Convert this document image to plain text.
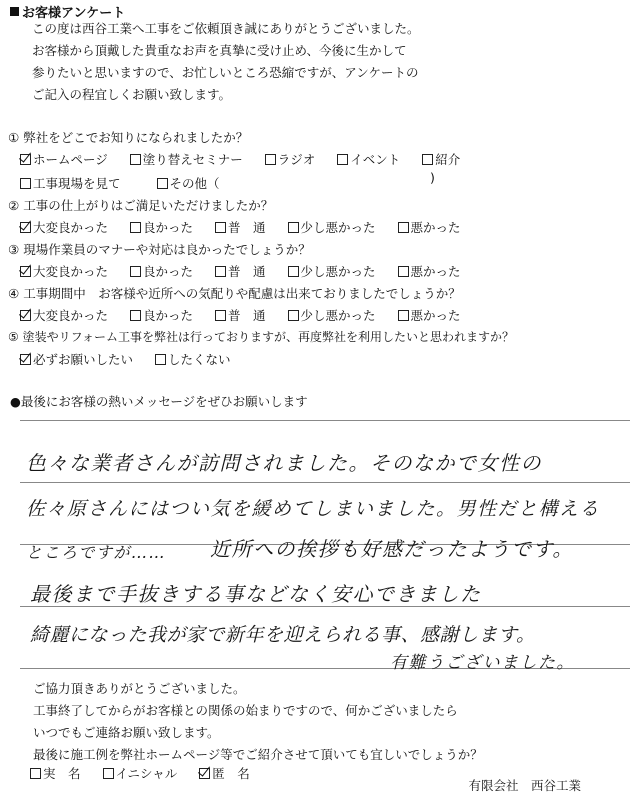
お客様アンケート
この度は西谷工業へ工事をご依頼頂き誠にありがとうございました。
お客様から頂戴した貴重なお声を真摯に受け止め、今後に生かして
参りたいと思いますので、お忙しいところ恐縮ですが、アンケートの
ご記入の程宜しくお願い致します。
① 弊社をどこでお知りになられましたか？
ホームページ	塗り替えセミナー	ラジオ	イベント	紹介
工事現場を見て	その他（	)
② 工事の仕上がりはご満足いただけましたか？
大変良かった	良かった	普　通	少し悪かった	悪かった
③ 現場作業員のマナーや対応は良かったでしょうか？
大変良かった	良かった	普　通	少し悪かった	悪かった
④ 工事期間中　お客様や近所への気配りや配慮は出来ておりましたでしょうか？
大変良かった	良かった	普　通	少し悪かった	悪かった
⑤ 塗装やリフォーム工事を弊社は行っておりますが、再度弊社を利用したいと思われますか？
必ずお願いしたい	したくない
●最後にお客様の熱いメッセージをぜひお願いします
色々な業者さんが訪問されました。そのなかで女性の
佐々原さんにはつい気を緩めてしまいました。男性だと構える
ところですが…… 近所への挨拶も好感だったようです。
最後まで手抜きする事などなく安心できました
綺麗になった我が家で新年を迎えられる事、感謝します。
有難うございました。
ご協力頂きありがとうございました。
工事終了してからがお客様との関係の始まりですので、何かございましたら
いつでもご連絡お願い致します。
最後に施工例を弊社ホームページ等でご紹介させて頂いても宜しいでしょうか？
実　名	イニシャル	匿　名
有限会社　西谷工業
